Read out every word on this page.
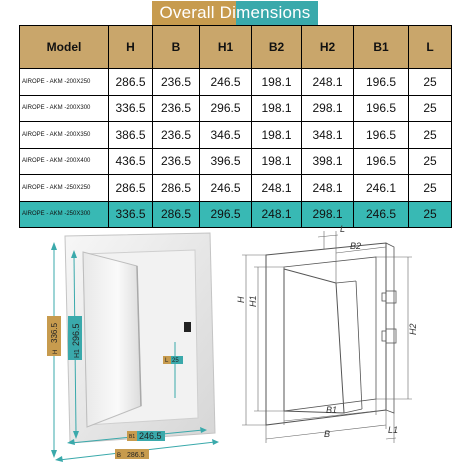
Overall Di mensions
Model	H	B	H1	B2	H2	B1	L
AIROPE - AKM -200X250	286.5	236.5	246.5	198.1	248.1	196.5	25
AIROPE - AKM -200X300	336.5	236.5	296.5	198.1	298.1	196.5	25
AIROPE - AKM -200X350	386.5	236.5	346.5	198.1	348.1	196.5	25
AIROPE - AKM -200X400	436.5	236.5	396.5	198.1	398.1	196.5	25
AIROPE - AKM -250X250	286.5	286.5	246.5	248.1	248.1	246.1	25
AIROPE - AKM -250X300	336.5	286.5	296.5	248.1	298.1	246.5	25
H
336.5
H1
296.5
L 25
B1 246.5
B 286.5
L
B2
H H1
H2
B1
B	L1
